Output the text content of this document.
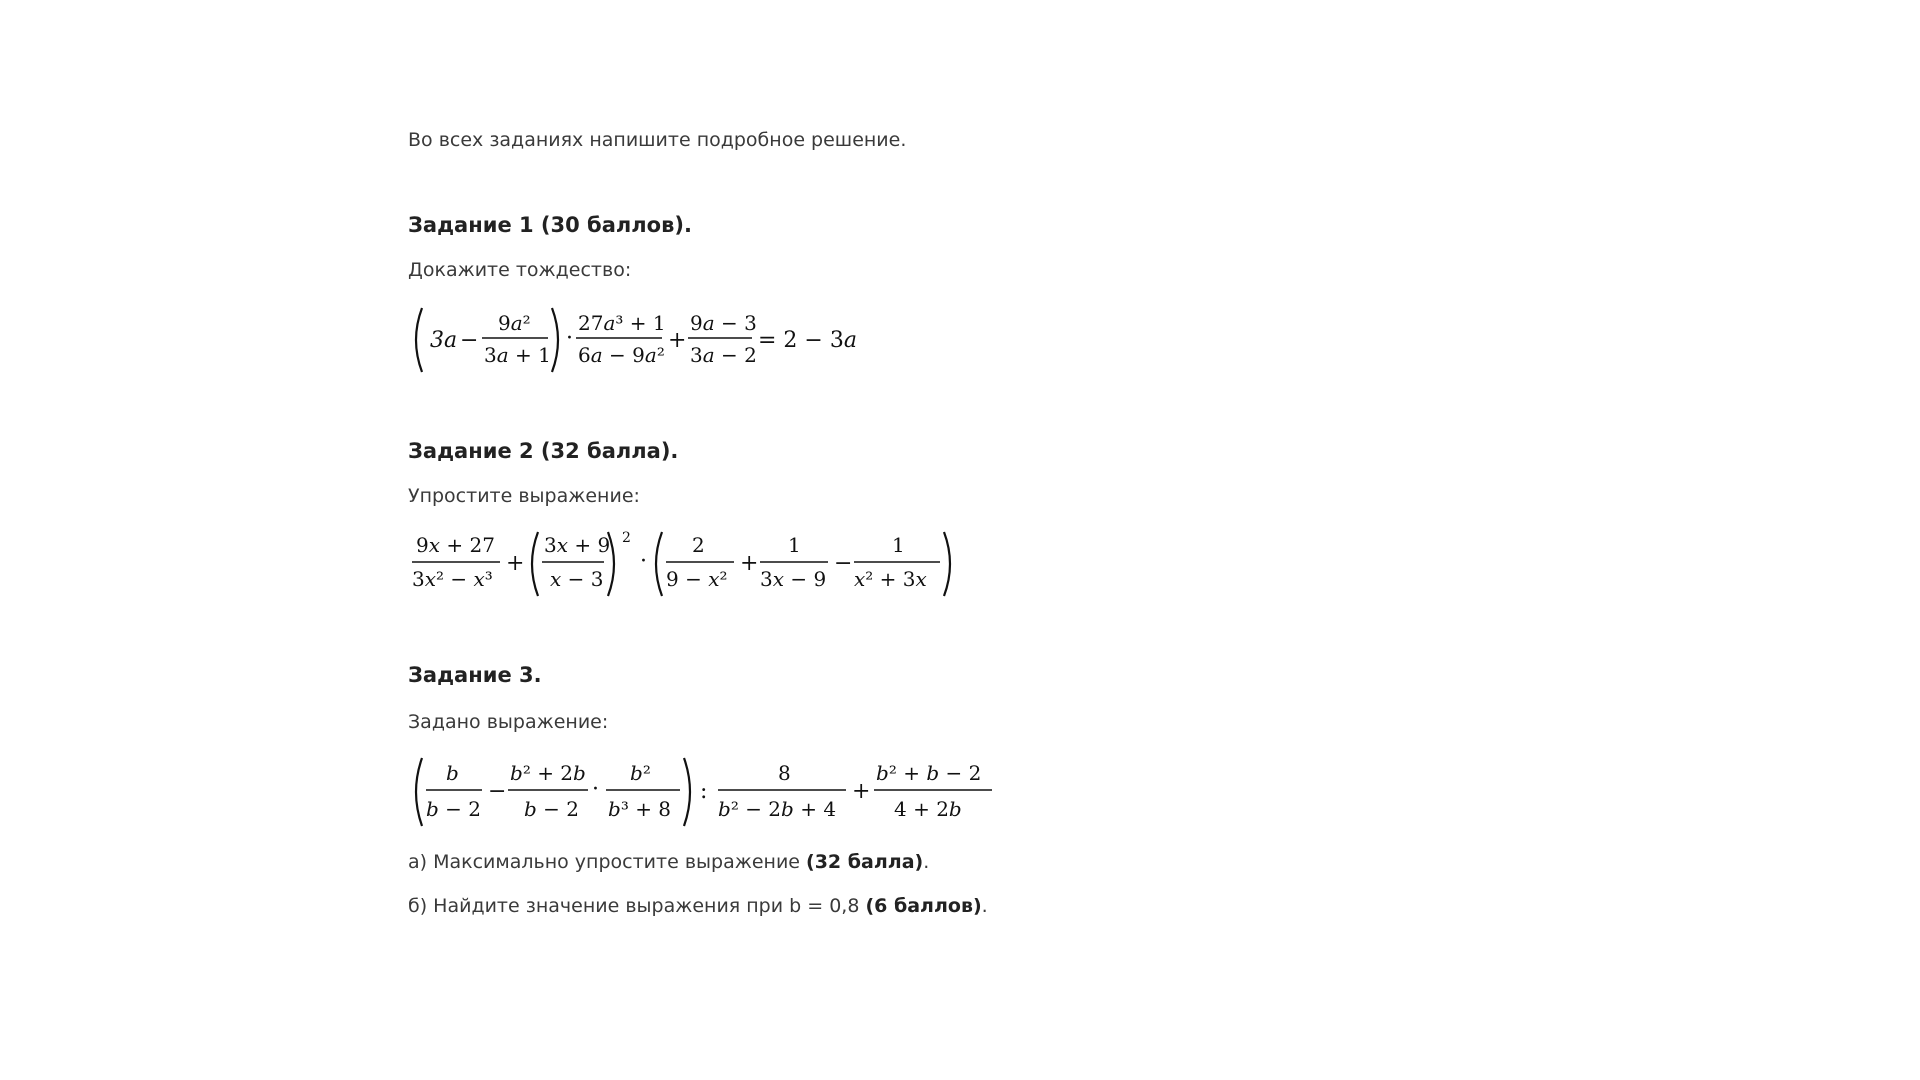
Во всех заданиях напишите подробное решение.
Задание 1 (30 баллов).
Докажите тождество:
3a −
9a²
3a + 1
·
27a³ + 1
6a − 9a²
+
9a − 3
3a − 2
= 2 − 3a
Задание 2 (32 балла).
Упростите выражение:
9x + 27
3x² − x³
+
3x + 9
x − 3
2
·
2
9 − x²
+
1
3x − 9
−
1
x² + 3x
Задание 3.
Задано выражение:
b
b − 2
−
b² + 2b
b − 2
·
b²
b³ + 8
:
8
b² − 2b + 4
+
b² + b − 2
4 + 2b
а) Максимально упростите выражение (32 балла).
б) Найдите значение выражения при b = 0,8 (6 баллов).
